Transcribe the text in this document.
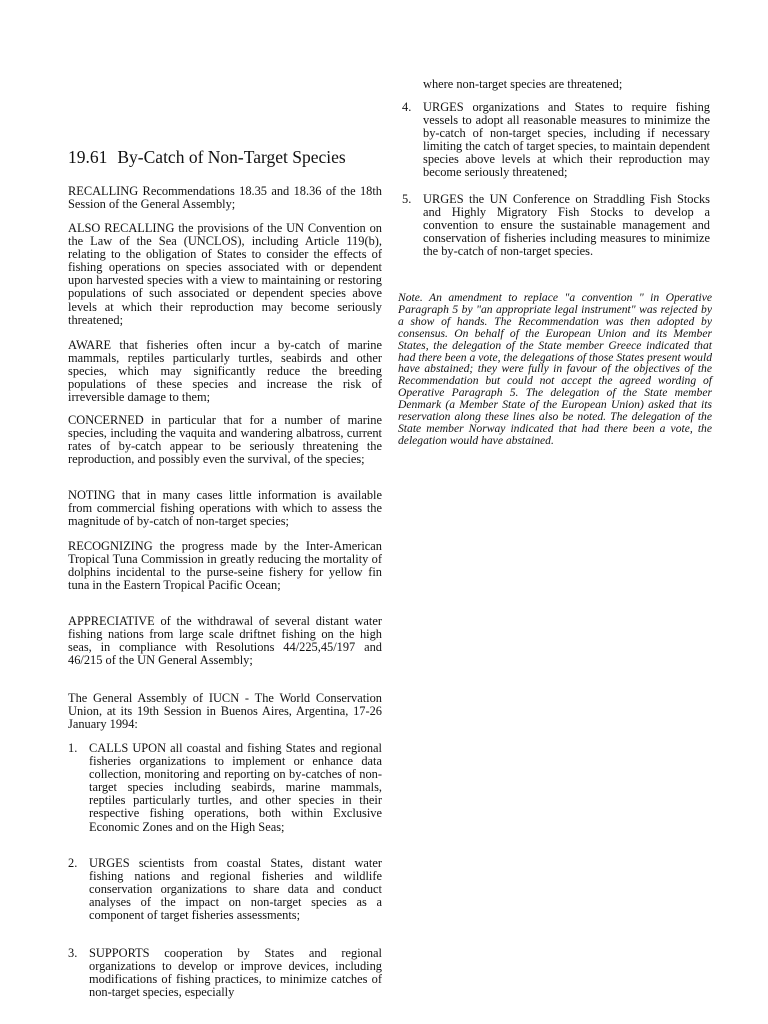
19.61 By-Catch of Non-Target Species

RECALLING Recommendations 18.35 and 18.36 of the 18th Session of the General Assembly;

ALSO RECALLING the provisions of the UN Convention on the Law of the Sea (UNCLOS), including Article 119(b), relating to the obligation of States to consider the effects of fishing operations on species associated with or dependent upon harvested species with a view to maintaining or restoring populations of such associated or dependent species above levels at which their reproduction may become seriously threatened;

AWARE that fisheries often incur a by-catch of marine mammals, reptiles particularly turtles, seabirds and other species, which may significantly reduce the breeding populations of these species and increase the risk of irreversible damage to them;

CONCERNED in particular that for a number of marine species, including the vaquita and wandering albatross, current rates of by-catch appear to be seriously threatening the reproduction, and possibly even the survival, of the species;

NOTING that in many cases little information is available from commercial fishing operations with which to assess the magnitude of by-catch of non-target species;

RECOGNIZING the progress made by the Inter-American Tropical Tuna Commission in greatly reducing the mortality of dolphins incidental to the purse-seine fishery for yellow fin tuna in the Eastern Tropical Pacific Ocean;

APPRECIATIVE of the withdrawal of several distant water fishing nations from large scale driftnet fishing on the high seas, in compliance with Resolutions 44/225,45/197 and 46/215 of the UN General Assembly;

The General Assembly of IUCN - The World Conservation Union, at its 19th Session in Buenos Aires, Argentina, 17-26 January 1994:

1. CALLS UPON all coastal and fishing States and regional fisheries organizations to implement or enhance data collection, monitoring and reporting on by-catches of non-target species including seabirds, marine mammals, reptiles particularly turtles, and other species in their respective fishing operations, both within Exclusive Economic Zones and on the High Seas;

2. URGES scientists from coastal States, distant water fishing nations and regional fisheries and wildlife conservation organizations to share data and conduct analyses of the impact on non-target species as a component of target fisheries assessments;

3. SUPPORTS cooperation by States and regional organizations to develop or improve devices, including modifications of fishing practices, to minimize catches of non-target species, especially

where non-target species are threatened;

4. URGES organizations and States to require fishing vessels to adopt all reasonable measures to minimize the by-catch of non-target species, including if necessary limiting the catch of target species, to maintain dependent species above levels at which their reproduction may become seriously threatened;

5. URGES the UN Conference on Straddling Fish Stocks and Highly Migratory Fish Stocks to develop a convention to ensure the sustainable management and conservation of fisheries including measures to minimize the by-catch of non-target species.

Note. An amendment to replace "a convention " in Operative Paragraph 5 by "an appropriate legal instrument" was rejected by a show of hands. The Recommendation was then adopted by consensus. On behalf of the European Union and its Member States, the delegation of the State member Greece indicated that had there been a vote, the delegations of those States present would have abstained; they were fully in favour of the objectives of the Recommendation but could not accept the agreed wording of Operative Paragraph 5. The delegation of the State member Denmark (a Member State of the European Union) asked that its reservation along these lines also be noted. The delegation of the State member Norway indicated that had there been a vote, the delegation would have abstained.
